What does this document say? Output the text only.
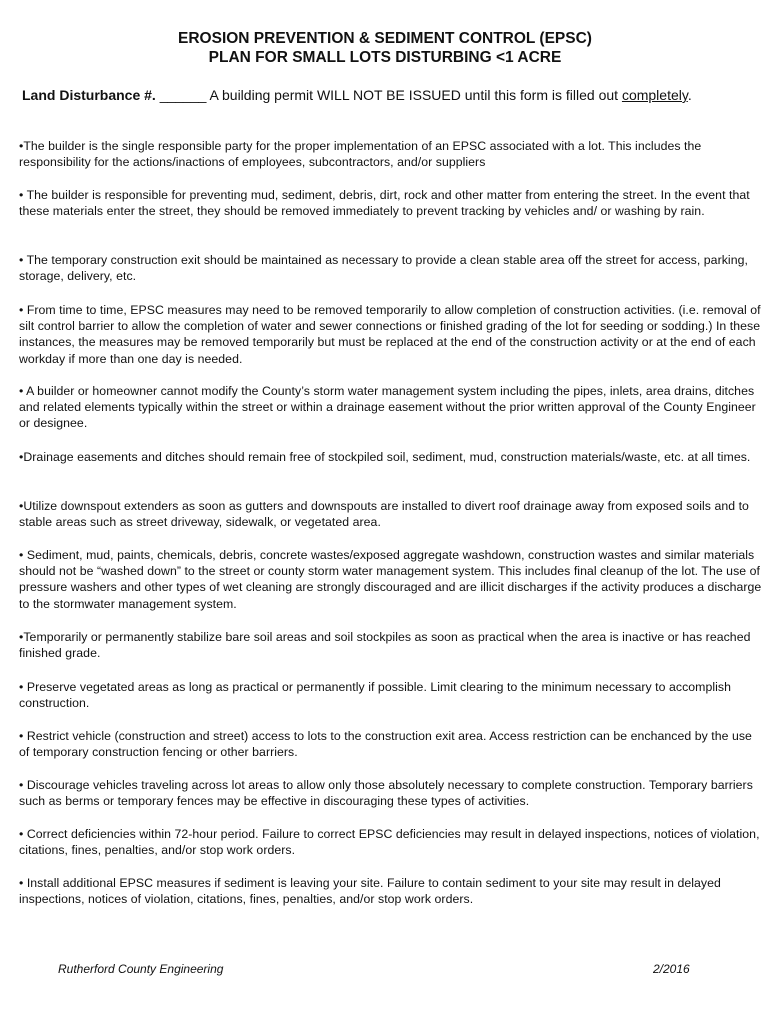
EROSION PREVENTION & SEDIMENT CONTROL (EPSC)
PLAN FOR SMALL LOTS DISTURBING <1 ACRE
Land Disturbance #. ______ A building permit WILL NOT BE ISSUED until this form is filled out completely.
•The builder is the single responsible party for the proper implementation of an EPSC associated with a lot. This includes the responsibility for the actions/inactions of employees, subcontractors, and/or suppliers
• The builder is responsible for preventing mud, sediment, debris, dirt, rock and other matter from entering the street. In the event that these materials enter the street, they should be removed immediately to prevent tracking by vehicles and/ or washing by rain.
• The temporary construction exit should be maintained as necessary to provide a clean stable area off the street for access, parking, storage, delivery, etc.
• From time to time, EPSC measures may need to be removed temporarily to allow completion of construction activities. (i.e. removal of silt control barrier to allow the completion of water and sewer connections or finished grading of the lot for seeding or sodding.) In these instances, the measures may be removed temporarily but must be replaced at the end of the construction activity or at the end of each workday if more than one day is needed.
• A builder or homeowner cannot modify the County’s storm water management system including the pipes, inlets, area drains, ditches and related elements typically within the street or within a drainage easement without the prior written approval of the County Engineer or designee.
•Drainage easements and ditches should remain free of stockpiled soil, sediment, mud, construction materials/waste, etc. at all times.
•Utilize downspout extenders as soon as gutters and downspouts are installed to divert roof drainage away from exposed soils and to stable areas such as street driveway, sidewalk, or vegetated area.
• Sediment, mud, paints, chemicals, debris, concrete wastes/exposed aggregate washdown, construction wastes and similar materials should not be “washed down” to the street or county storm water management system. This includes final cleanup of the lot. The use of pressure washers and other types of wet cleaning are strongly discouraged and are illicit discharges if the activity produces a discharge to the stormwater management system.
•Temporarily or permanently stabilize bare soil areas and soil stockpiles as soon as practical when the area is inactive or has reached finished grade.
• Preserve vegetated areas as long as practical or permanently if possible. Limit clearing to the minimum necessary to accomplish construction.
• Restrict vehicle (construction and street) access to lots to the construction exit area. Access restriction can be enchanced by the use of temporary construction fencing or other barriers.
• Discourage vehicles traveling across lot areas to allow only those absolutely necessary to complete construction. Temporary barriers such as berms or temporary fences may be effective in discouraging these types of activities.
• Correct deficiencies within 72-hour period. Failure to correct EPSC deficiencies may result in delayed inspections, notices of violation, citations, fines, penalties, and/or stop work orders.
• Install additional EPSC measures if sediment is leaving your site. Failure to contain sediment to your site may result in delayed inspections, notices of violation, citations, fines, penalties, and/or stop work orders.
Rutherford County Engineering	2/2016
